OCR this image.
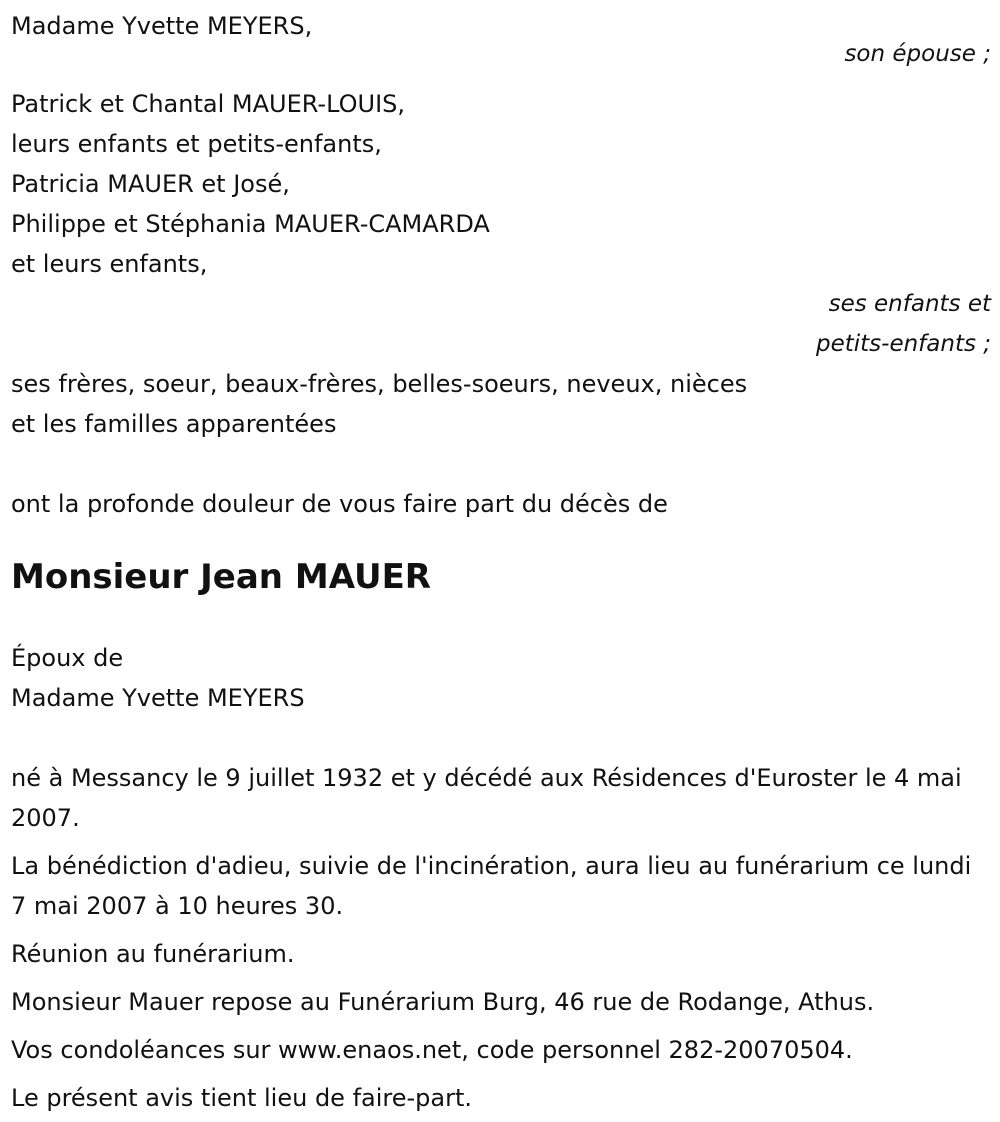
Madame Yvette MEYERS,
son épouse ;
Patrick et Chantal MAUER-LOUIS,
leurs enfants et petits-enfants,
Patricia MAUER et José,
Philippe et Stéphania MAUER-CAMARDA
et leurs enfants,
ses enfants et
petits-enfants ;
ses frères, soeur, beaux-frères, belles-soeurs, neveux, nièces
et les familles apparentées
ont la profonde douleur de vous faire part du décès de
Monsieur Jean MAUER
Époux de
Madame Yvette MEYERS

né à Messancy le 9 juillet 1932 et y décédé aux Résidences d'Euroster le 4 mai 2007.

La bénédiction d'adieu, suivie de l'incinération, aura lieu au funérarium ce lundi 7 mai 2007 à 10 heures 30.

Réunion au funérarium.

Monsieur Mauer repose au Funérarium Burg, 46 rue de Rodange, Athus.

Vos condoléances sur www.enaos.net, code personnel 282-20070504.

Le présent avis tient lieu de faire-part.
